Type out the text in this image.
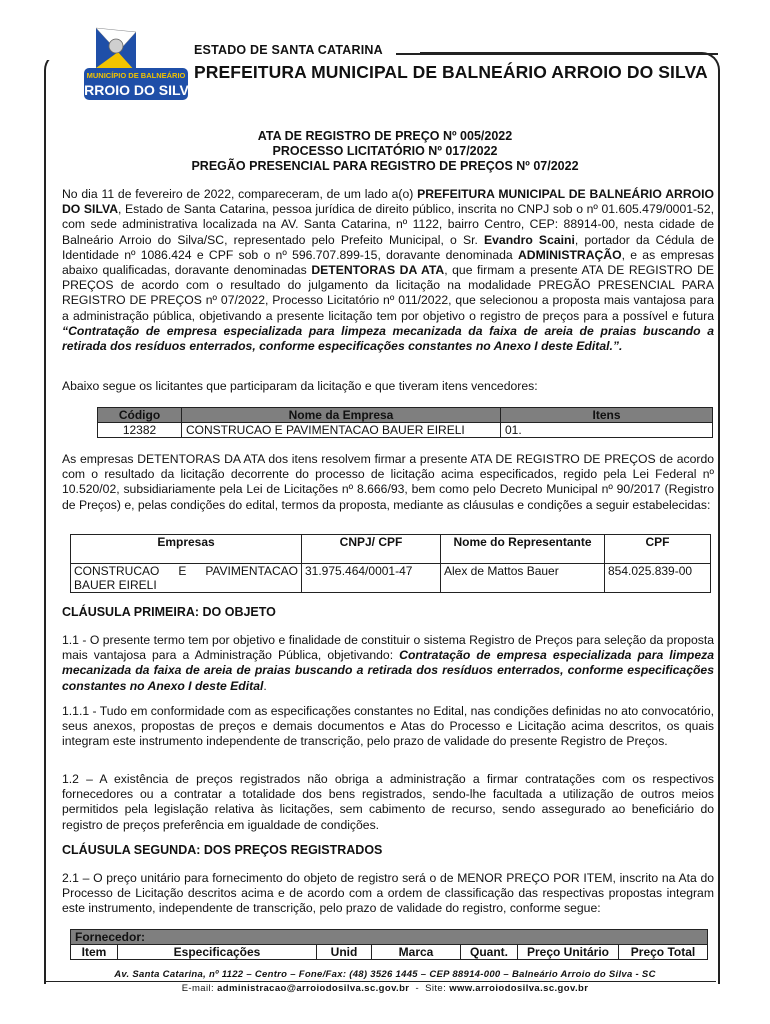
MUNICÍPIO DE BALNEÁRIO
ARROIO DO SILVA
ESTADO DE SANTA CATARINA
PREFEITURA MUNICIPAL DE BALNEÁRIO ARROIO DO SILVA
ATA DE REGISTRO DE PREÇO Nº 005/2022
PROCESSO LICITATÓRIO Nº 017/2022
PREGÃO PRESENCIAL PARA REGISTRO DE PREÇOS Nº 07/2022
No dia 11 de fevereiro de 2022, compareceram, de um lado a(o) PREFEITURA MUNICIPAL DE BALNEÁRIO ARROIO DO SILVA, Estado de Santa Catarina, pessoa jurídica de direito público, inscrita no CNPJ sob o nº 01.605.479/0001-52, com sede administrativa localizada na AV. Santa Catarina, nº 1122, bairro Centro, CEP: 88914-00, nesta cidade de Balneário Arroio do Silva/SC, representado pelo Prefeito Municipal, o Sr. Evandro Scaini, portador da Cédula de Identidade nº 1086.424 e CPF sob o nº 596.707.899-15, doravante denominada ADMINISTRAÇÃO, e as empresas abaixo qualificadas, doravante denominadas DETENTORAS DA ATA, que firmam a presente ATA DE REGISTRO DE PREÇOS de acordo com o resultado do julgamento da licitação na modalidade PREGÃO PRESENCIAL PARA REGISTRO DE PREÇOS nº 07/2022, Processo Licitatório nº 011/2022, que selecionou a proposta mais vantajosa para a administração pública, objetivando a presente licitação tem por objetivo o registro de preços para a possível e futura “Contratação de empresa especializada para limpeza mecanizada da faixa de areia de praias buscando a retirada dos resíduos enterrados, conforme especificações constantes no Anexo I deste Edital.”.
Abaixo segue os licitantes que participaram da licitação e que tiveram itens vencedores:
Código	Nome da Empresa	Itens
12382	CONSTRUCAO E PAVIMENTACAO BAUER EIRELI	01.
As empresas DETENTORAS DA ATA dos itens resolvem firmar a presente ATA DE REGISTRO DE PREÇOS de acordo com o resultado da licitação decorrente do processo de licitação acima especificados, regido pela Lei Federal nº 10.520/02, subsidiariamente pela Lei de Licitações nº 8.666/93, bem como pelo Decreto Municipal nº 90/2017 (Registro de Preços) e, pelas condições do edital, termos da proposta, mediante as cláusulas e condições a seguir estabelecidas:
Empresas	CNPJ/ CPF	Nome do Representante	CPF
CONSTRUCAO E PAVIMENTACAO BAUER EIRELI	31.975.464/0001-47	Alex de Mattos Bauer	854.025.839-00
CLÁUSULA PRIMEIRA: DO OBJETO
1.1 - O presente termo tem por objetivo e finalidade de constituir o sistema Registro de Preços para seleção da proposta mais vantajosa para a Administração Pública, objetivando: Contratação de empresa especializada para limpeza mecanizada da faixa de areia de praias buscando a retirada dos resíduos enterrados, conforme especificações constantes no Anexo I deste Edital.
1.1.1 - Tudo em conformidade com as especificações constantes no Edital, nas condições definidas no ato convocatório, seus anexos, propostas de preços e demais documentos e Atas do Processo e Licitação acima descritos, os quais integram este instrumento independente de transcrição, pelo prazo de validade do presente Registro de Preços.
1.2 – A existência de preços registrados não obriga a administração a firmar contratações com os respectivos fornecedores ou a contratar a totalidade dos bens registrados, sendo-lhe facultada a utilização de outros meios permitidos pela legislação relativa às licitações, sem cabimento de recurso, sendo assegurado ao beneficiário do registro de preços preferência em igualdade de condições.
CLÁUSULA SEGUNDA: DOS PREÇOS REGISTRADOS
2.1 – O preço unitário para fornecimento do objeto de registro será o de MENOR PREÇO POR ITEM, inscrito na Ata do Processo de Licitação descritos acima e de acordo com a ordem de classificação das respectivas propostas integram este instrumento, independente de transcrição, pelo prazo de validade do registro, conforme segue:
Fornecedor:
Item	Especificações	Unid	Marca	Quant.	Preço Unitário	Preço Total
Av. Santa Catarina, nº 1122 – Centro – Fone/Fax: (48) 3526 1445 – CEP 88914-000 – Balneário Arroio do Silva - SC
E-mail: administracao@arroiodosilva.sc.gov.br  -  Site: www.arroiodosilva.sc.gov.br
